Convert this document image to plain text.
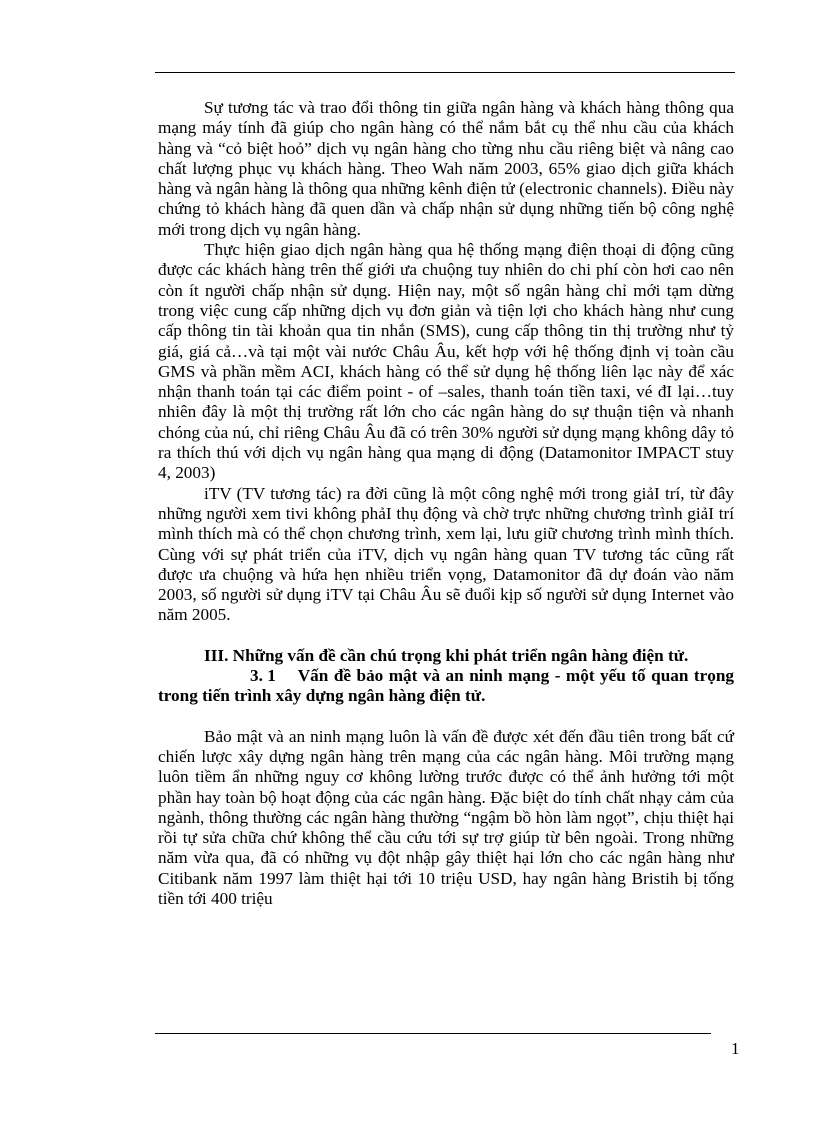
Sự tương tác và trao đổi thông tin giữa ngân hàng và khách hàng thông qua mạng máy tính đã giúp cho ngân hàng có thể nắm bắt cụ thể nhu cầu của khách hàng và “cỏ biệt hoỏ” dịch vụ ngân hàng cho từng nhu cầu riêng biệt và nâng cao chất lượng phục vụ khách hàng. Theo Wah năm 2003, 65% giao dịch giữa khách hàng và ngân hàng là thông qua những kênh điện tử (electronic channels). Điều này chứng tỏ khách hàng đã quen dần và chấp nhận sử dụng những tiến bộ công nghệ mới trong dịch vụ ngân hàng.

Thực hiện giao dịch ngân hàng qua hệ thống mạng điện thoại di động cũng được các khách hàng trên thế giới ưa chuộng tuy nhiên do chi phí còn hơi cao nên còn ít người chấp nhận sử dụng. Hiện nay, một số ngân hàng chỉ mới tạm dừng trong việc cung cấp những dịch vụ đơn giản và tiện lợi cho khách hàng như cung cấp thông tin tài khoản qua tin nhắn (SMS), cung cấp thông tin thị trường như tỷ giá, giá cả…và tại một vài nước Châu Âu, kết hợp với hệ thống định vị toàn cầu GMS và phần mềm ACI, khách hàng có thể sử dụng hệ thống liên lạc này để xác nhận thanh toán tại các điểm point - of –sales, thanh toán tiền taxi, vé đI lại…tuy nhiên đây là một thị trường rất lớn cho các ngân hàng do sự thuận tiện và nhanh chóng của nú, chỉ riêng Châu Âu đã có trên 30% người sử dụng mạng không dây tỏ ra thích thú với dịch vụ ngân hàng qua mạng di động (Datamonitor IMPACT stuy 4, 2003)

iTV (TV tương tác) ra đời cũng là một công nghệ mới trong giảI trí, từ đây những người xem tivi không phảI thụ động và chờ trực những chương trình giảI trí mình thích mà có thể chọn chương trình, xem lại, lưu giữ chương trình mình thích. Cùng với sự phát triển của iTV, dịch vụ ngân hàng quan TV tương tác cũng rất được ưa chuộng và hứa hẹn nhiều triển vọng, Datamonitor đã dự đoán vào năm 2003, số người sử dụng iTV tại Châu Âu sẽ đuổi kịp số người sử dụng Internet vào năm 2005.

III. Những vấn đề cần chú trọng khi phát triển ngân hàng điện tử.

3. 1 Vấn đề bảo mật và an ninh mạng - một yếu tố quan trọng trong tiến trình xây dựng ngân hàng điện tử.

Bảo mật và an ninh mạng luôn là vấn đề được xét đến đầu tiên trong bất cứ chiến lược xây dựng ngân hàng trên mạng của các ngân hàng. Môi trường mạng luôn tiềm ẩn những nguy cơ không lường trước được có thể ảnh hưởng tới một phần hay toàn bộ hoạt động của các ngân hàng. Đặc biệt do tính chất nhạy cảm của ngành, thông thường các ngân hàng thường “ngậm bồ hòn làm ngọt”, chịu thiệt hại rồi tự sửa chữa chứ không thể cầu cứu tới sự trợ giúp từ bên ngoài. Trong những năm vừa qua, đã có những vụ đột nhập gây thiệt hại lớn cho các ngân hàng như Citibank năm 1997 làm thiệt hại tới 10 triệu USD, hay ngân hàng Bristih bị tống tiền tới 400 triệu

1
